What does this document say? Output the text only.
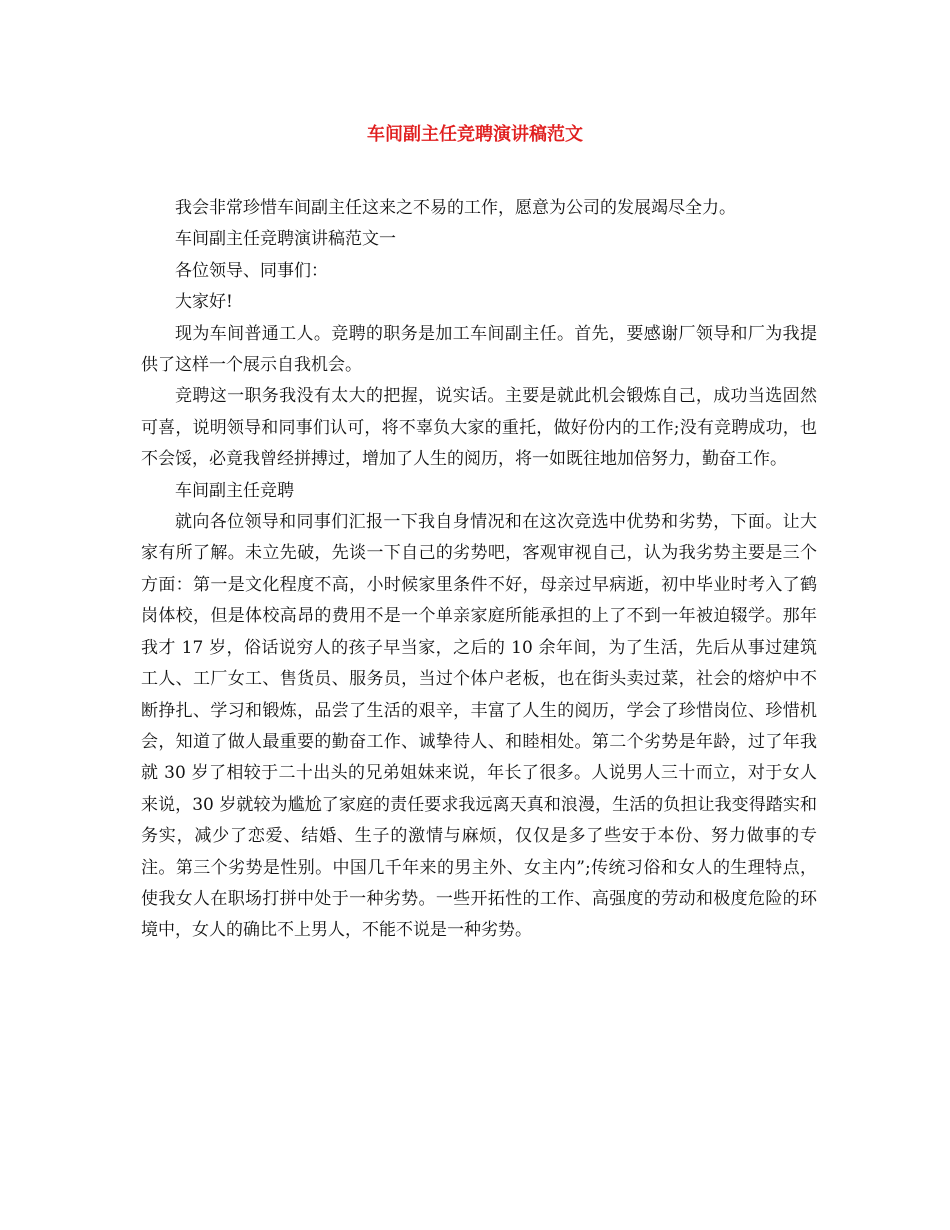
车间副主任竞聘演讲稿范文

我会非常珍惜车间副主任这来之不易的工作，愿意为公司的发展竭尽全力。

车间副主任竞聘演讲稿范文一

各位领导、同事们：

大家好!

现为车间普通工人。竞聘的职务是加工车间副主任。首先，要感谢厂领导和厂为我提供了这样一个展示自我机会。

竞聘这一职务我没有太大的把握，说实话。主要是就此机会锻炼自己，成功当选固然可喜，说明领导和同事们认可，将不辜负大家的重托，做好份内的工作;没有竞聘成功，也不会馁，必竟我曾经拼搏过，增加了人生的阅历，将一如既往地加倍努力，勤奋工作。

车间副主任竞聘

就向各位领导和同事们汇报一下我自身情况和在这次竞选中优势和劣势，下面。让大家有所了解。未立先破，先谈一下自己的劣势吧，客观审视自己，认为我劣势主要是三个方面：第一是文化程度不高，小时候家里条件不好，母亲过早病逝，初中毕业时考入了鹤岗体校，但是体校高昂的费用不是一个单亲家庭所能承担的上了不到一年被迫辍学。那年我才 17 岁，俗话说穷人的孩子早当家，之后的 10 余年间，为了生活，先后从事过建筑工人、工厂女工、售货员、服务员，当过个体户老板，也在街头卖过菜，社会的熔炉中不断挣扎、学习和锻炼，品尝了生活的艰辛，丰富了人生的阅历，学会了珍惜岗位、珍惜机会，知道了做人最重要的勤奋工作、诚挚待人、和睦相处。第二个劣势是年龄，过了年我就 30 岁了相较于二十出头的兄弟姐妹来说，年长了很多。人说男人三十而立，对于女人来说，30 岁就较为尴尬了家庭的责任要求我远离天真和浪漫，生活的负担让我变得踏实和务实，减少了恋爱、结婚、生子的激情与麻烦，仅仅是多了些安于本份、努力做事的专注。第三个劣势是性别。中国几千年来的男主外、女主内”;传统习俗和女人的生理特点，使我女人在职场打拼中处于一种劣势。一些开拓性的工作、高强度的劳动和极度危险的环境中，女人的确比不上男人，不能不说是一种劣势。
